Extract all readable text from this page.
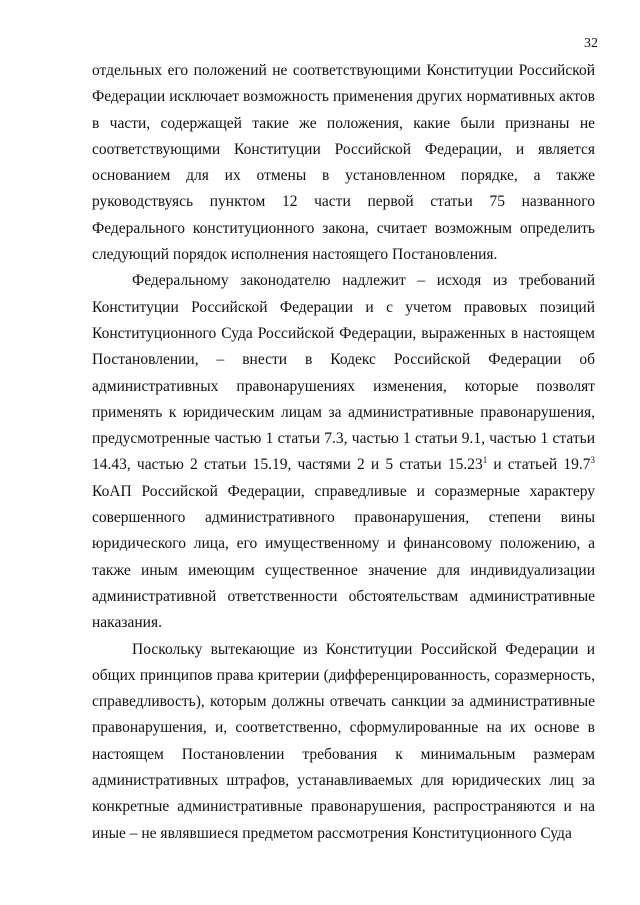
32

отдельных его положений не соответствующими Конституции Российской Федерации исключает возможность применения других нормативных актов в части, содержащей такие же положения, какие были признаны не соответствующими Конституции Российской Федерации, и является основанием для их отмены в установленном порядке, а также руководствуясь пунктом 12 части первой статьи 75 названного Федерального конституционного закона, считает возможным определить следующий порядок исполнения настоящего Постановления.

Федеральному законодателю надлежит – исходя из требований Конституции Российской Федерации и с учетом правовых позиций Конституционного Суда Российской Федерации, выраженных в настоящем Постановлении, – внести в Кодекс Российской Федерации об административных правонарушениях изменения, которые позволят применять к юридическим лицам за административные правонарушения, предусмотренные частью 1 статьи 7.3, частью 1 статьи 9.1, частью 1 статьи 14.43, частью 2 статьи 15.19, частями 2 и 5 статьи 15.23$^1$ и статьей 19.7$^3$ КоАП Российской Федерации, справедливые и соразмерные характеру совершенного административного правонарушения, степени вины юридического лица, его имущественному и финансовому положению, а также иным имеющим существенное значение для индивидуализации административной ответственности обстоятельствам административные наказания.

Поскольку вытекающие из Конституции Российской Федерации и общих принципов права критерии (дифференцированность, соразмерность, справедливость), которым должны отвечать санкции за административные правонарушения, и, соответственно, сформулированные на их основе в настоящем Постановлении требования к минимальным размерам административных штрафов, устанавливаемых для юридических лиц за конкретные административные правонарушения, распространяются и на иные – не являвшиеся предметом рассмотрения Конституционного Суда
